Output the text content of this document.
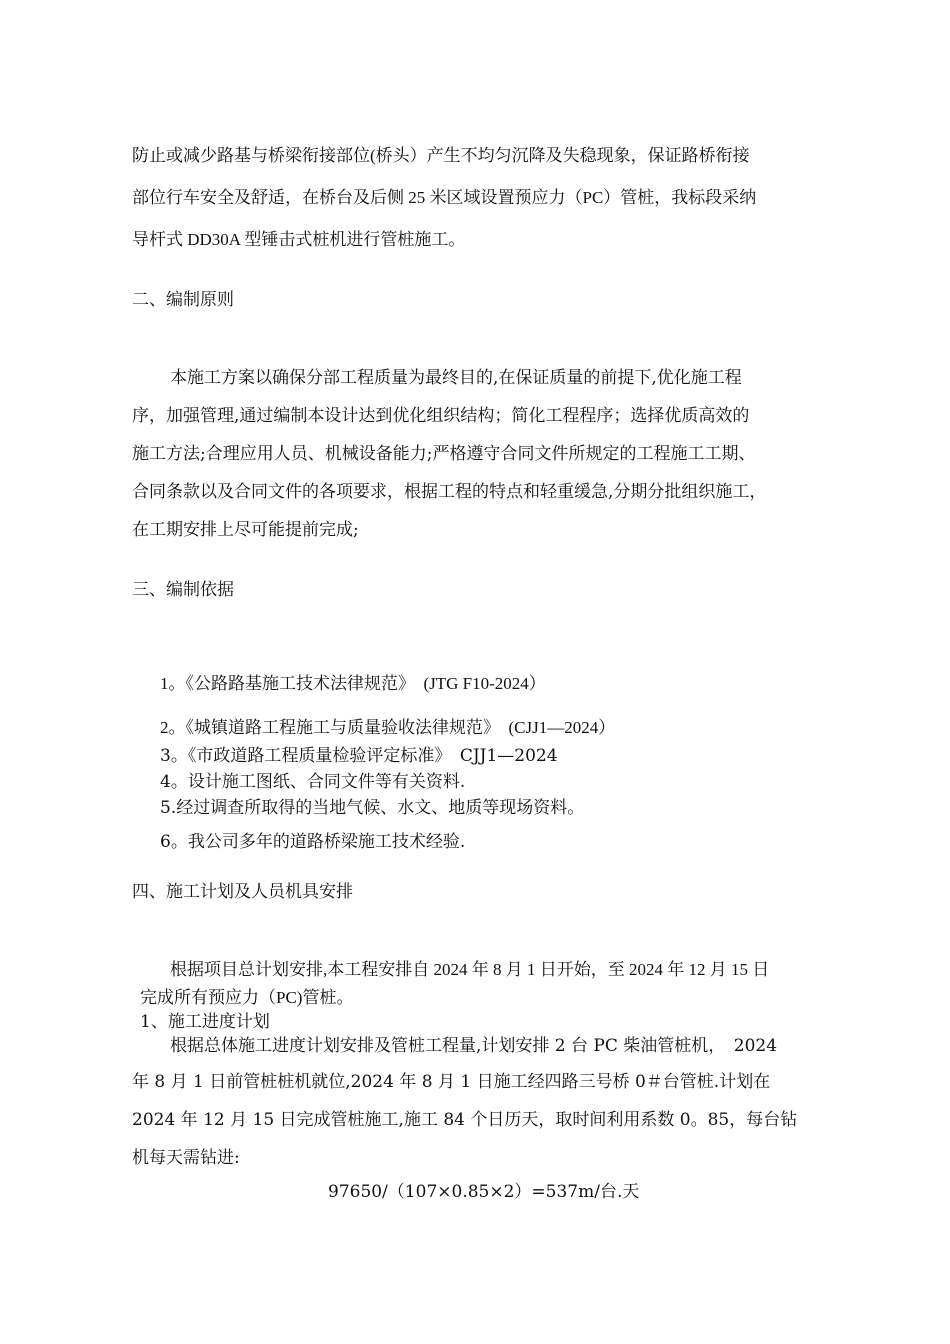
防止或减少路基与桥梁衔接部位(桥头）产生不均匀沉降及失稳现象，保证路桥衔接

部位行车安全及舒适，在桥台及后侧 25 米区域设置预应力（PC）管桩，我标段采纳

导杆式 DD30A 型锤击式桩机进行管桩施工。

二、编制原则

本施工方案以确保分部工程质量为最终目的,在保证质量的前提下,优化施工程

序，加强管理,通过编制本设计达到优化组织结构；简化工程程序；选择优质高效的

施工方法;合理应用人员、机械设备能力;严格遵守合同文件所规定的工程施工工期、

合同条款以及合同文件的各项要求，根据工程的特点和轻重缓急,分期分批组织施工，

在工期安排上尽可能提前完成;

三、编制依据

1。《公路路基施工技术法律规范》　(JTG F10-2024）

2。《城镇道路工程施工与质量验收法律规范》　(CJJ1—2024）

3。《市政道路工程质量检验评定标准》　CJJ1—2024

4。设计施工图纸、合同文件等有关资料.

5.经过调查所取得的当地气候、水文、地质等现场资料。

6。我公司多年的道路桥梁施工技术经验.

四、施工计划及人员机具安排

根据项目总计划安排,本工程安排自 2024 年 8 月 1 日开始，至 2024 年 12 月 15 日

完成所有预应力（PC)管桩。

1、施工进度计划

根据总体施工进度计划安排及管桩工程量,计划安排 2 台 PC 柴油管桩机，　2024

年 8 月 1 日前管桩桩机就位,2024 年 8 月 1 日施工经四路三号桥 0＃台管桩.计划在

2024 年 12 月 15 日完成管桩施工,施工 84 个日历天，取时间利用系数 0。85，每台钻

机每天需钻进:

97650/（107×0.85×2）=537m/台.天
